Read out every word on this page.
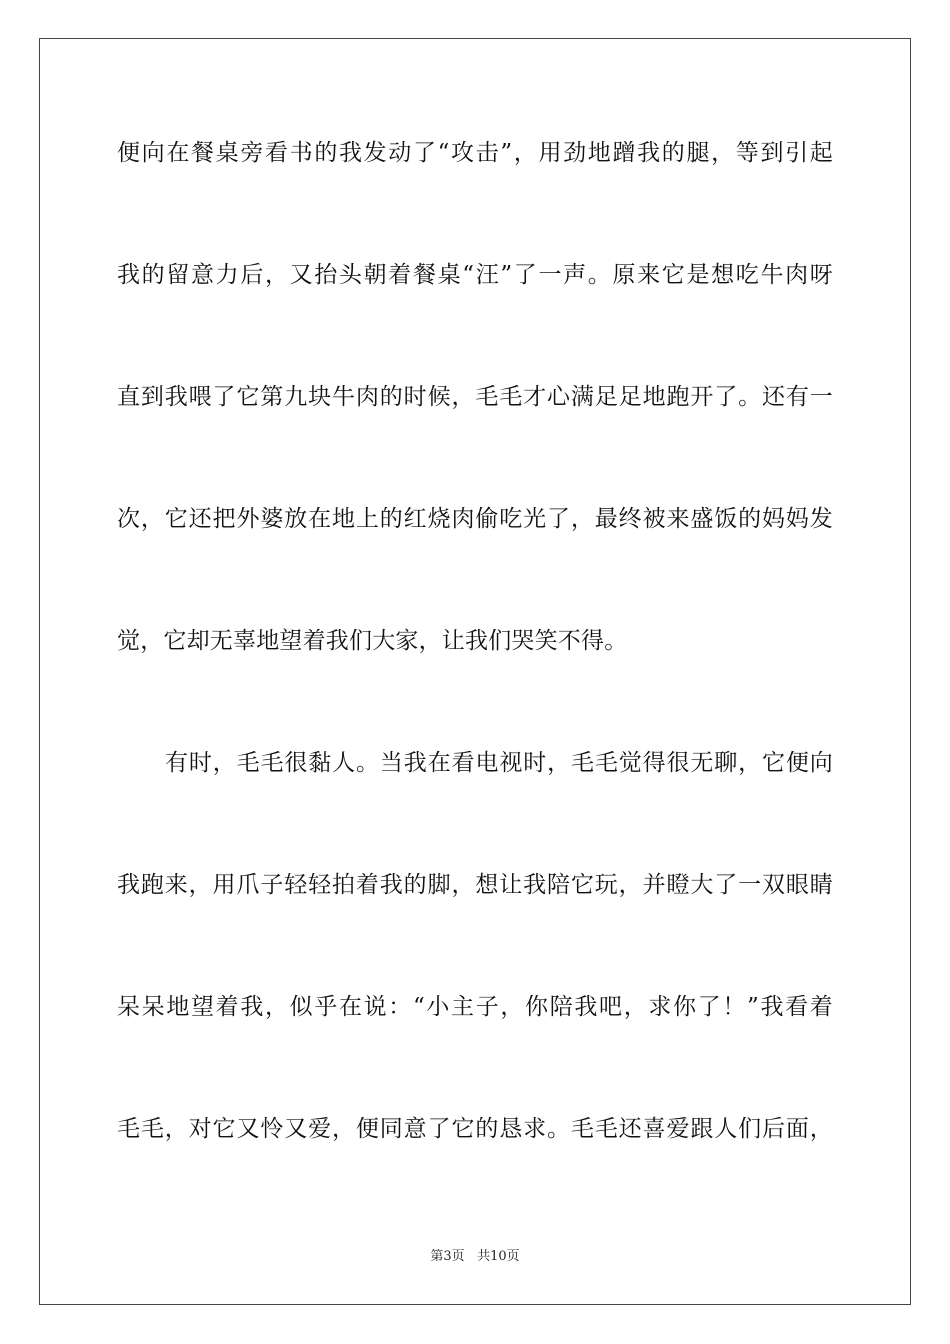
便向在餐桌旁看书的我发动了“攻击”，用劲地蹭我的腿，等到引起
我的留意力后，又抬头朝着餐桌“汪”了一声。原来它是想吃牛肉呀
直到我喂了它第九块牛肉的时候，毛毛才心满足足地跑开了。还有一
次，它还把外婆放在地上的红烧肉偷吃光了，最终被来盛饭的妈妈发
觉，它却无辜地望着我们大家，让我们哭笑不得。
有时，毛毛很黏人。当我在看电视时，毛毛觉得很无聊，它便向
我跑来，用爪子轻轻拍着我的脚，想让我陪它玩，并瞪大了一双眼睛
呆呆地望着我，似乎在说：“小主子，你陪我吧，求你了！”我看着
毛毛，对它又怜又爱，便同意了它的恳求。毛毛还喜爱跟人们后面，
第3页 共10页
